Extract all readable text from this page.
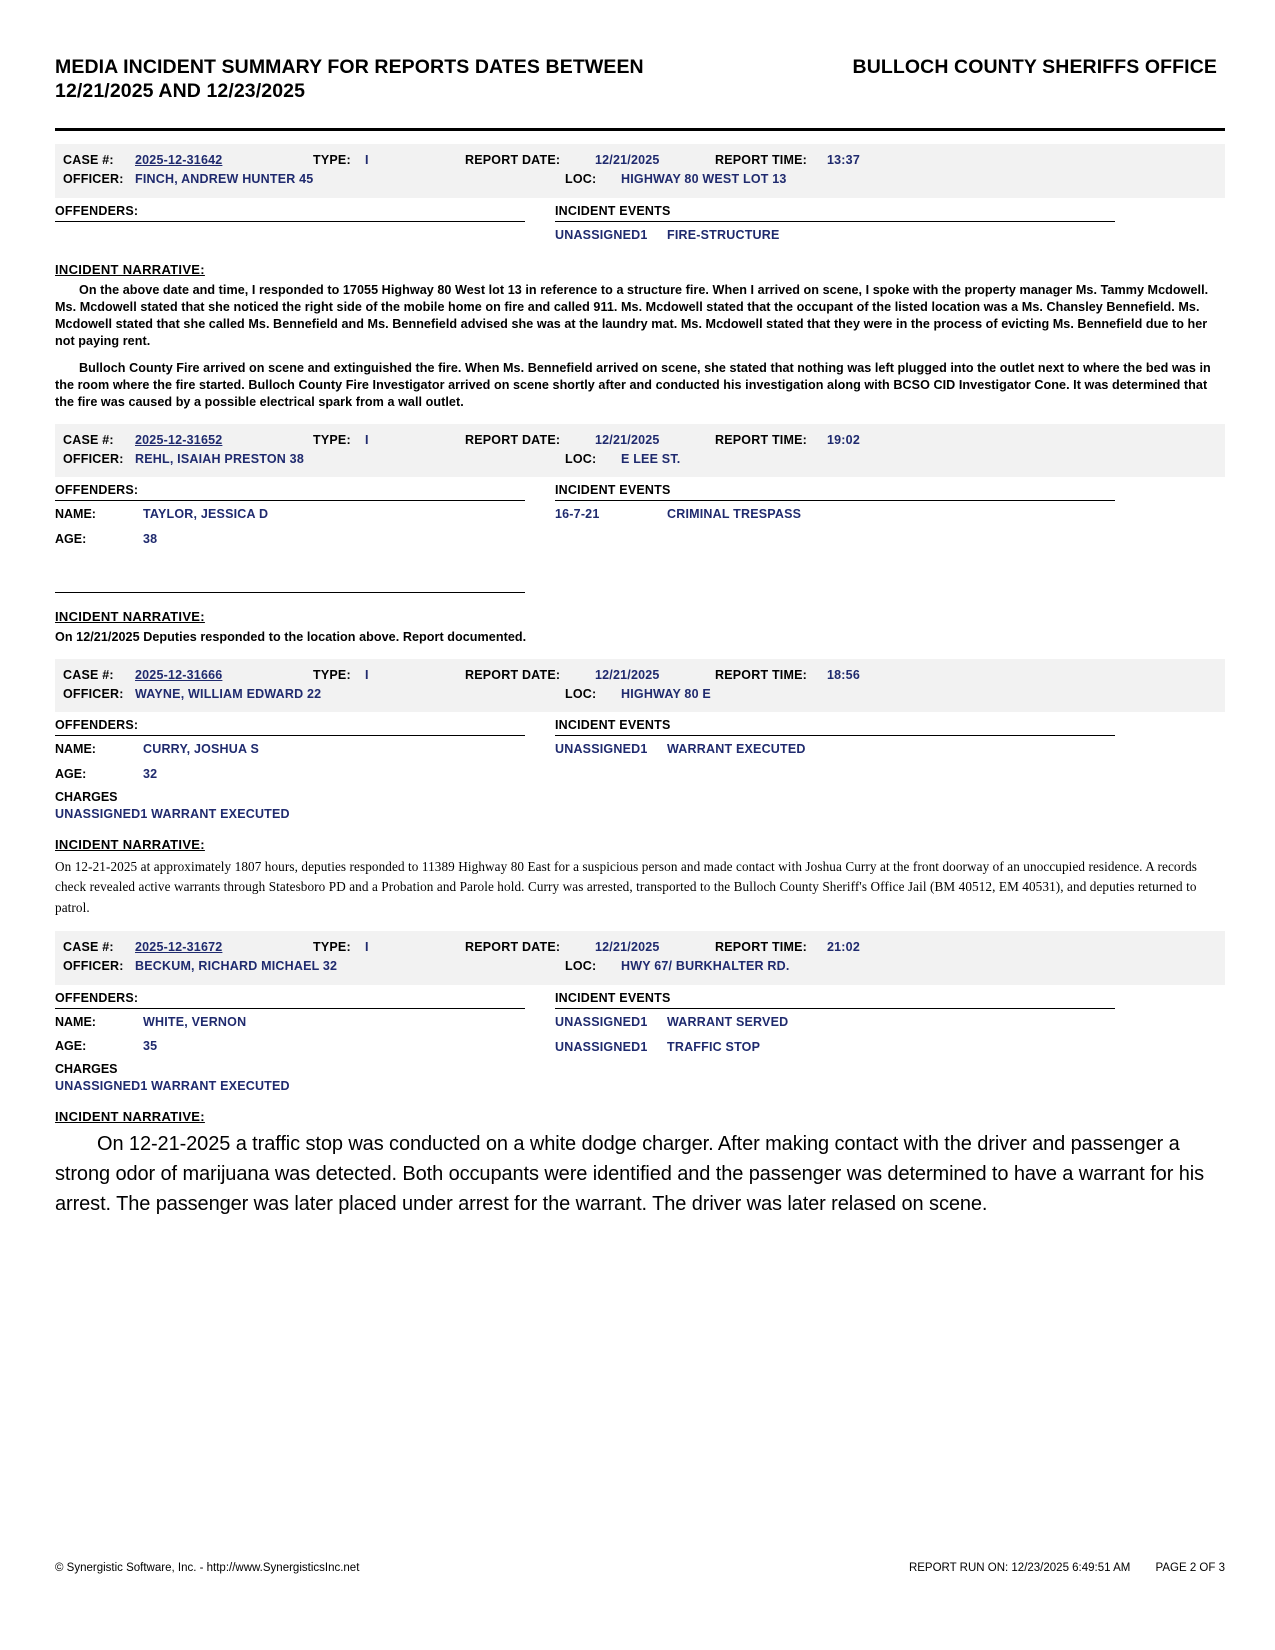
MEDIA INCIDENT SUMMARY FOR REPORTS DATES BETWEEN 12/21/2025 AND 12/23/2025
BULLOCH COUNTY SHERIFFS OFFICE
CASE #:	2025-12-31642	TYPE:	I	REPORT DATE:	12/21/2025	REPORT TIME:	13:37
OFFICER: FINCH, ANDREW HUNTER 45	LOC:	HIGHWAY 80 WEST LOT 13
OFFENDERS:	INCIDENT EVENTS
UNASSIGNED1	FIRE-STRUCTURE
INCIDENT NARRATIVE:

On the above date and time, I responded to 17055 Highway 80 West lot 13 in reference to a structure fire. When I arrived on scene, I spoke with the property manager Ms. Tammy Mcdowell. Ms. Mcdowell stated that she noticed the right side of the mobile home on fire and called 911. Ms. Mcdowell stated that the occupant of the listed location was a Ms. Chansley Bennefield. Ms. Mcdowell stated that she called Ms. Bennefield and Ms. Bennefield advised she was at the laundry mat. Ms. Mcdowell stated that they were in the process of evicting Ms. Bennefield due to her not paying rent.

Bulloch County Fire arrived on scene and extinguished the fire. When Ms. Bennefield arrived on scene, she stated that nothing was left plugged into the outlet next to where the bed was in the room where the fire started. Bulloch County Fire Investigator arrived on scene shortly after and conducted his investigation along with BCSO CID Investigator Cone. It was determined that the fire was caused by a possible electrical spark from a wall outlet.

CASE #:	2025-12-31652	TYPE:	I	REPORT DATE:	12/21/2025	REPORT TIME:	19:02
OFFICER: REHL, ISAIAH PRESTON 38	LOC:	E LEE ST.
OFFENDERS:
NAME:	TAYLOR, JESSICA D
AGE:	38
INCIDENT EVENTS
16-7-21	CRIMINAL TRESPASS
INCIDENT NARRATIVE:

On 12/21/2025 Deputies responded to the location above. Report documented.

CASE #:	2025-12-31666	TYPE:	I	REPORT DATE:	12/21/2025	REPORT TIME:	18:56
OFFICER: WAYNE, WILLIAM EDWARD 22	LOC:	HIGHWAY 80 E
OFFENDERS:
NAME:	CURRY, JOSHUA S
AGE:	32
CHARGES
UNASSIGNED1 WARRANT EXECUTED
INCIDENT EVENTS
UNASSIGNED1	WARRANT EXECUTED
INCIDENT NARRATIVE:

On 12-21-2025 at approximately 1807 hours, deputies responded to 11389 Highway 80 East for a suspicious person and made contact with Joshua Curry at the front doorway of an unoccupied residence. A records check revealed active warrants through Statesboro PD and a Probation and Parole hold. Curry was arrested, transported to the Bulloch County Sheriff's Office Jail (BM 40512, EM 40531), and deputies returned to patrol.

CASE #:	2025-12-31672	TYPE:	I	REPORT DATE:	12/21/2025	REPORT TIME:	21:02
OFFICER: BECKUM, RICHARD MICHAEL 32	LOC:	HWY 67/ BURKHALTER RD.
OFFENDERS:
NAME:	WHITE, VERNON
AGE:	35
CHARGES
UNASSIGNED1 WARRANT EXECUTED
INCIDENT EVENTS
UNASSIGNED1	WARRANT SERVED
UNASSIGNED1	TRAFFIC STOP
INCIDENT NARRATIVE:

On 12-21-2025 a traffic stop was conducted on a white dodge charger. After making contact with the driver and passenger a strong odor of marijuana was detected. Both occupants were identified and the passenger was determined to have a warrant for his arrest. The passenger was later placed under arrest for the warrant. The driver was later relased on scene.

© Synergistic Software, Inc. - http://www.SynergisticsInc.net	REPORT RUN ON: 12/23/2025 6:49:51 AM PAGE 2 OF 3
